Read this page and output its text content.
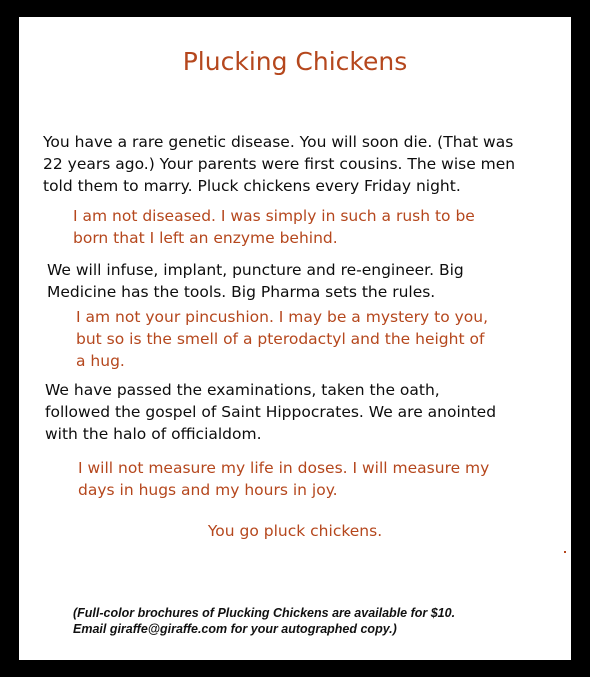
Plucking Chickens
You have a rare genetic disease. You will soon die. (That was
22 years ago.) Your parents were first cousins. The wise men
told them to marry. Pluck chickens every Friday night.
I am not diseased. I was simply in such a rush to be
born that I left an enzyme behind.
We will infuse, implant, puncture and re-engineer. Big
Medicine has the tools. Big Pharma sets the rules.
I am not your pincushion. I may be a mystery to you,
but so is the smell of a pterodactyl and the height of
a hug.
We have passed the examinations, taken the oath,
followed the gospel of Saint Hippocrates. We are anointed
with the halo of officialdom.
I will not measure my life in doses. I will measure my
days in hugs and my hours in joy.
You go pluck chickens.
(Full-color brochures of Plucking Chickens are available for $10.
Email giraffe@giraffe.com for your autographed copy.)
